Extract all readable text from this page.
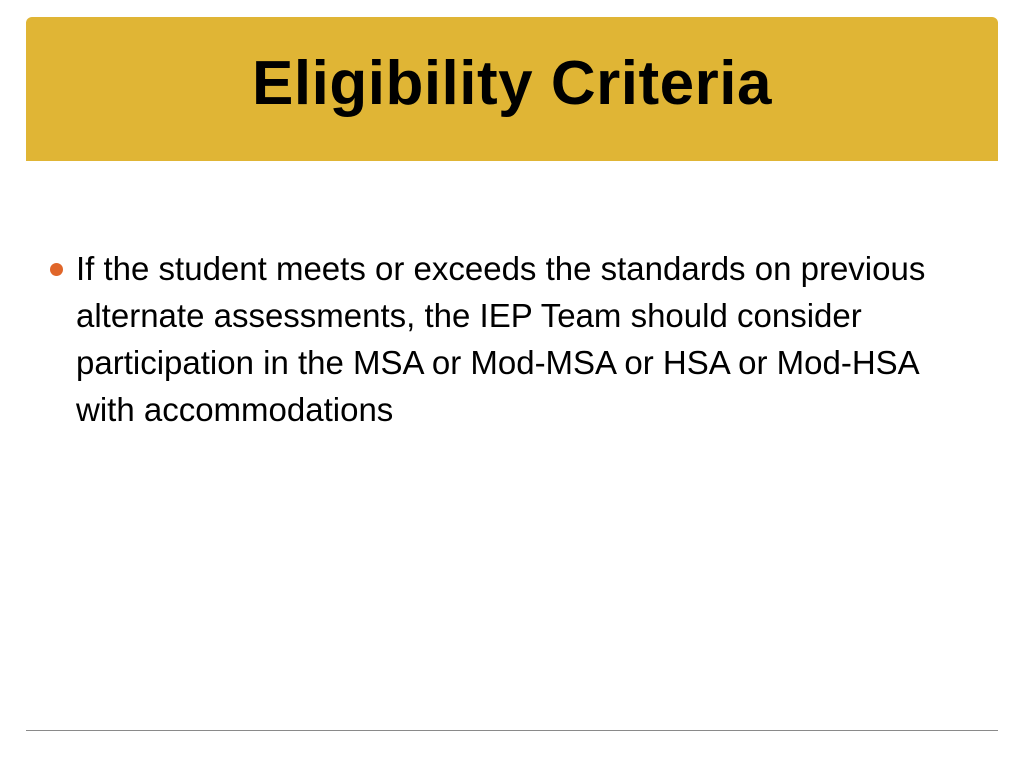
Eligibility Criteria
If the student meets or exceeds the standards on previous alternate assessments, the IEP Team should consider participation in the MSA or Mod-MSA or HSA or Mod-HSA with accommodations
